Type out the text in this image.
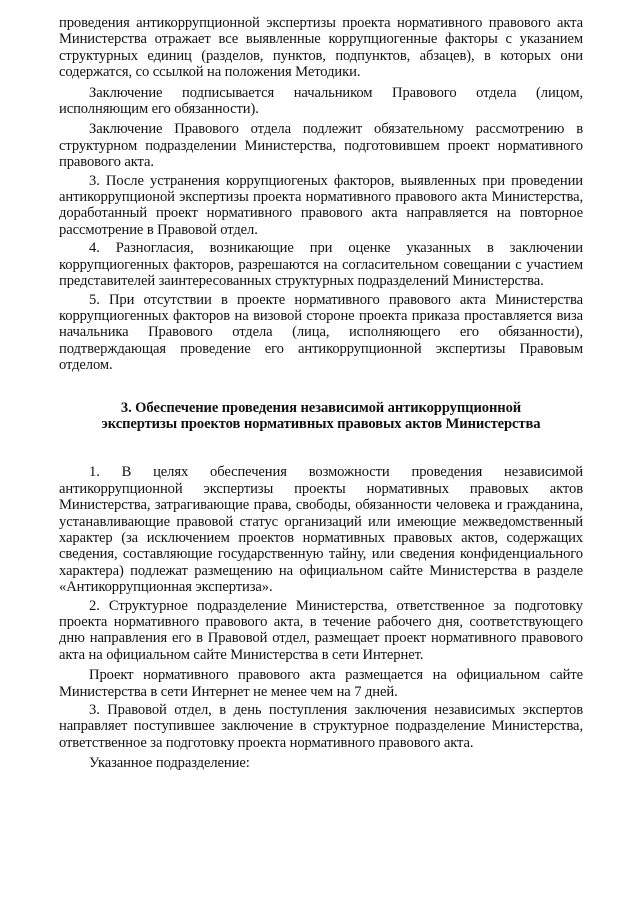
проведения антикоррупционной экспертизы проекта нормативного правового акта Министерства отражает все выявленные коррупциогенные факторы с указанием структурных единиц (разделов, пунктов, подпунктов, абзацев), в которых они содержатся, со ссылкой на положения Методики.

Заключение подписывается начальником Правового отдела (лицом, исполняющим его обязанности).

Заключение Правового отдела подлежит обязательному рассмотрению в структурном подразделении Министерства, подготовившем проект нормативного правового акта.

3. После устранения коррупциогеных факторов, выявленных при проведении антикоррупционой экспертизы проекта нормативного правового акта Министерства, доработанный проект нормативного правового акта направляется на повторное рассмотрение в Правовой отдел.

4. Разногласия, возникающие при оценке указанных в заключении коррупциогенных факторов, разрешаются на согласительном совещании с участием представителей заинтересованных структурных подразделений Министерства.

5. При отсутствии в проекте нормативного правового акта Министерства коррупциогенных факторов на визовой стороне проекта приказа проставляется виза начальника Правового отдела (лица, исполняющего его обязанности), подтверждающая проведение его антикоррупционной экспертизы Правовым отделом.

3. Обеспечение проведения независимой антикоррупционной
экспертизы проектов нормативных правовых актов Министерства

1. В целях обеспечения возможности проведения независимой антикоррупционной экспертизы проекты нормативных правовых актов Министерства, затрагивающие права, свободы, обязанности человека и гражданина, устанавливающие правовой статус организаций или имеющие межведомственный характер (за исключением проектов нормативных правовых актов, содержащих сведения, составляющие государственную тайну, или сведения конфиденциального характера) подлежат размещению на официальном сайте Министерства в разделе «Антикоррупционная экспертиза».

2. Структурное подразделение Министерства, ответственное за подготовку проекта нормативного правового акта, в течение рабочего дня, соответствующего дню направления его в Правовой отдел, размещает проект нормативного правового акта на официальном сайте Министерства в сети Интернет.

Проект нормативного правового акта размещается на официальном сайте Министерства в сети Интернет не менее чем на 7 дней.

3. Правовой отдел, в день поступления заключения независимых экспертов направляет поступившее заключение в структурное подразделение Министерства, ответственное за подготовку проекта нормативного правового акта.

Указанное подразделение:
